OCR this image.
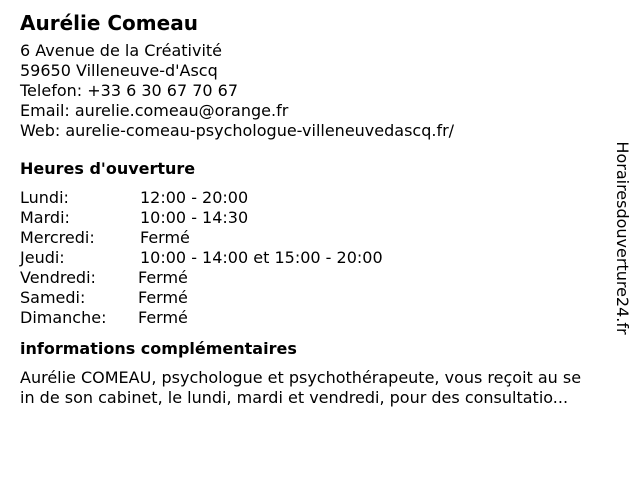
Aurélie Comeau
6 Avenue de la Créativité
59650 Villeneuve-d'Ascq
Telefon: +33 6 30 67 70 67
Email: aurelie.comeau@orange.fr
Web: aurelie-comeau-psychologue-villeneuvedascq.fr/
Heures d'ouverture
Lundi:	12:00 - 20:00
Mardi:	10:00 - 14:30
Mercredi:	Fermé
Jeudi:	10:00 - 14:00 et 15:00 - 20:00
Vendredi:	Fermé
Samedi:	Fermé
Dimanche: Fermé
informations complémentaires
Aurélie COMEAU, psychologue et psychothérapeute, vous reçoit au se
in de son cabinet, le lundi, mardi et vendredi, pour des consultatio...
Horairesdouverture24.fr
